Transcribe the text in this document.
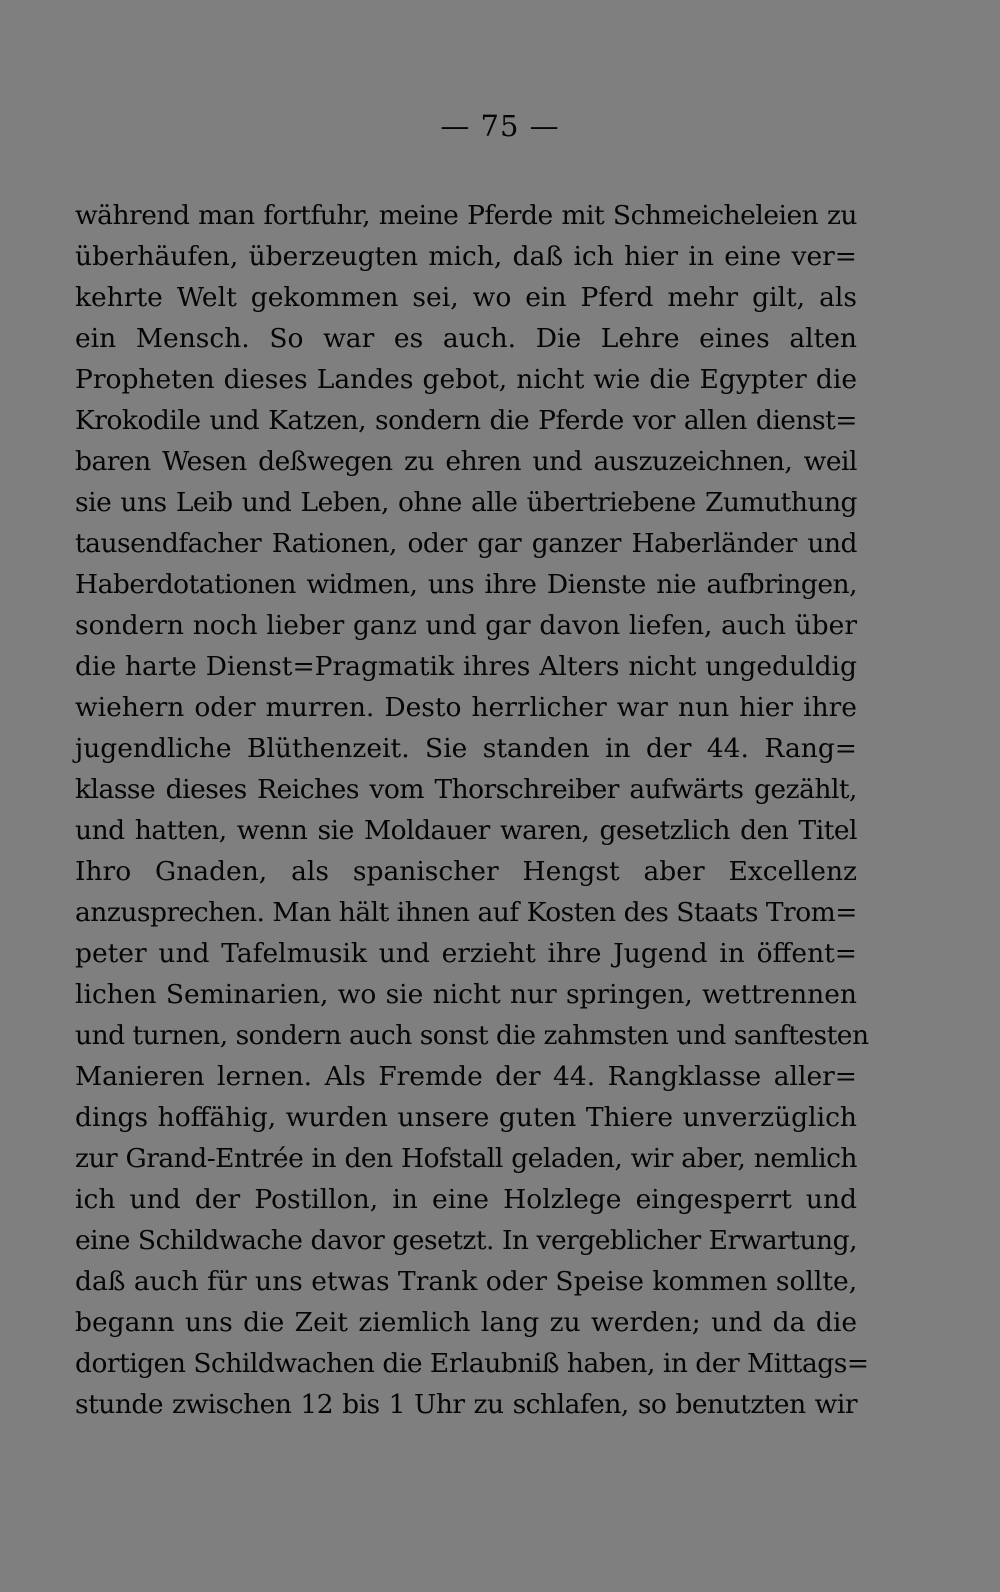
— 75 —
während man fortfuhr, meine Pferde mit Schmeicheleien zu
überhäufen, überzeugten mich, daß ich hier in eine ver=
kehrte Welt gekommen sei, wo ein Pferd mehr gilt, als
ein Mensch. So war es auch. Die Lehre eines alten
Propheten dieses Landes gebot, nicht wie die Egypter die
Krokodile und Katzen, sondern die Pferde vor allen dienst=
baren Wesen deßwegen zu ehren und auszuzeichnen, weil
sie uns Leib und Leben, ohne alle übertriebene Zumuthung
tausendfacher Rationen, oder gar ganzer Haberländer und
Haberdotationen widmen, uns ihre Dienste nie aufbringen,
sondern noch lieber ganz und gar davon liefen, auch über
die harte Dienst=Pragmatik ihres Alters nicht ungeduldig
wiehern oder murren. Desto herrlicher war nun hier ihre
jugendliche Blüthenzeit. Sie standen in der 44. Rang=
klasse dieses Reiches vom Thorschreiber aufwärts gezählt,
und hatten, wenn sie Moldauer waren, gesetzlich den Titel
Ihro Gnaden, als spanischer Hengst aber Excellenz
anzusprechen. Man hält ihnen auf Kosten des Staats Trom=
peter und Tafelmusik und erzieht ihre Jugend in öffent=
lichen Seminarien, wo sie nicht nur springen, wettrennen
und turnen, sondern auch sonst die zahmsten und sanftesten
Manieren lernen. Als Fremde der 44. Rangklasse aller=
dings hoffähig, wurden unsere guten Thiere unverzüglich
zur Grand-Entrée in den Hofstall geladen, wir aber, nemlich
ich und der Postillon, in eine Holzlege eingesperrt und
eine Schildwache davor gesetzt. In vergeblicher Erwartung,
daß auch für uns etwas Trank oder Speise kommen sollte,
begann uns die Zeit ziemlich lang zu werden; und da die
dortigen Schildwachen die Erlaubniß haben, in der Mittags=
stunde zwischen 12 bis 1 Uhr zu schlafen, so benutzten wir
